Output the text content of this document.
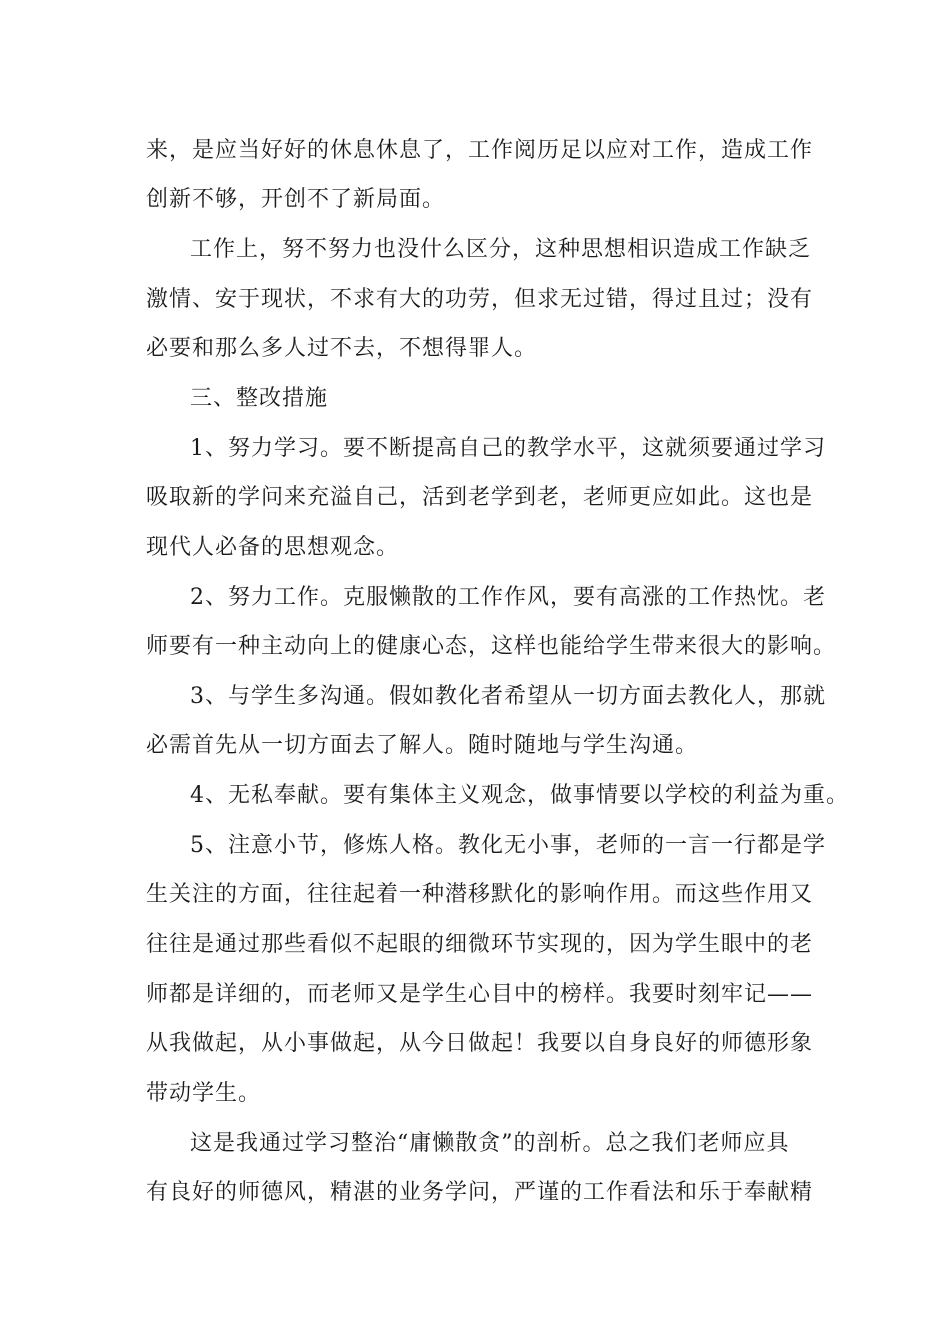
来，是应当好好的休息休息了，工作阅历足以应对工作，造成工作
创新不够，开创不了新局面。
工作上，努不努力也没什么区分，这种思想相识造成工作缺乏
激情、安于现状，不求有大的功劳，但求无过错，得过且过；没有
必要和那么多人过不去，不想得罪人。
三、整改措施
1、努力学习。要不断提高自己的教学水平，这就须要通过学习
吸取新的学问来充溢自己，活到老学到老，老师更应如此。这也是
现代人必备的思想观念。
2、努力工作。克服懒散的工作作风，要有高涨的工作热忱。老
师要有一种主动向上的健康心态，这样也能给学生带来很大的影响。
3、与学生多沟通。假如教化者希望从一切方面去教化人，那就
必需首先从一切方面去了解人。随时随地与学生沟通。
4、无私奉献。要有集体主义观念，做事情要以学校的利益为重。
5、注意小节，修炼人格。教化无小事，老师的一言一行都是学
生关注的方面，往往起着一种潜移默化的影响作用。而这些作用又
往往是通过那些看似不起眼的细微环节实现的，因为学生眼中的老
师都是详细的，而老师又是学生心目中的榜样。我要时刻牢记——
从我做起，从小事做起，从今日做起！我要以自身良好的师德形象
带动学生。
这是我通过学习整治“庸懒散贪”的剖析。总之我们老师应具
有良好的师德风，精湛的业务学问，严谨的工作看法和乐于奉献精
